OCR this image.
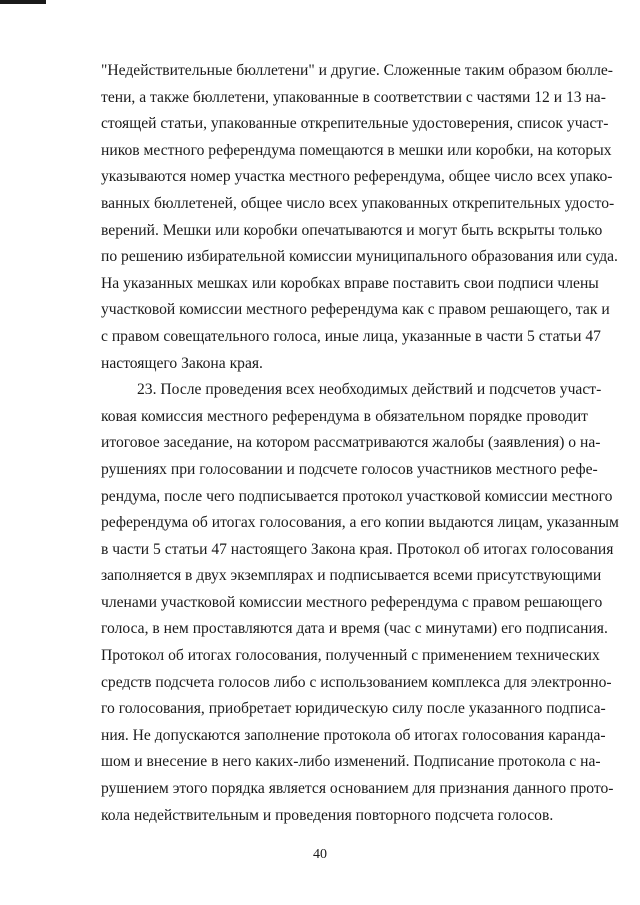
"Недействительные бюллетени" и другие. Сложенные таким образом бюлле-
тени, а также бюллетени, упакованные в соответствии с частями 12 и 13 на-
стоящей статьи, упакованные открепительные удостоверения, список участ-
ников местного референдума помещаются в мешки или коробки, на которых
указываются номер участка местного референдума, общее число всех упако-
ванных бюллетеней, общее число всех упакованных открепительных удосто-
верений. Мешки или коробки опечатываются и могут быть вскрыты только
по решению избирательной комиссии муниципального образования или суда.
На указанных мешках или коробках вправе поставить свои подписи члены
участковой комиссии местного референдума как с правом решающего, так и
с правом совещательного голоса, иные лица, указанные в части 5 статьи 47
настоящего Закона края.
23. После проведения всех необходимых действий и подсчетов участ-
ковая комиссия местного референдума в обязательном порядке проводит
итоговое заседание, на котором рассматриваются жалобы (заявления) о на-
рушениях при голосовании и подсчете голосов участников местного рефе-
рендума, после чего подписывается протокол участковой комиссии местного
референдума об итогах голосования, а его копии выдаются лицам, указанным
в части 5 статьи 47 настоящего Закона края. Протокол об итогах голосования
заполняется в двух экземплярах и подписывается всеми присутствующими
членами участковой комиссии местного референдума с правом решающего
голоса, в нем проставляются дата и время (час с минутами) его подписания.
Протокол об итогах голосования, полученный с применением технических
средств подсчета голосов либо с использованием комплекса для электронно-
го голосования, приобретает юридическую силу после указанного подписа-
ния. Не допускаются заполнение протокола об итогах голосования каранда-
шом и внесение в него каких-либо изменений. Подписание протокола с на-
рушением этого порядка является основанием для признания данного прото-
кола недействительным и проведения повторного подсчета голосов.
40
